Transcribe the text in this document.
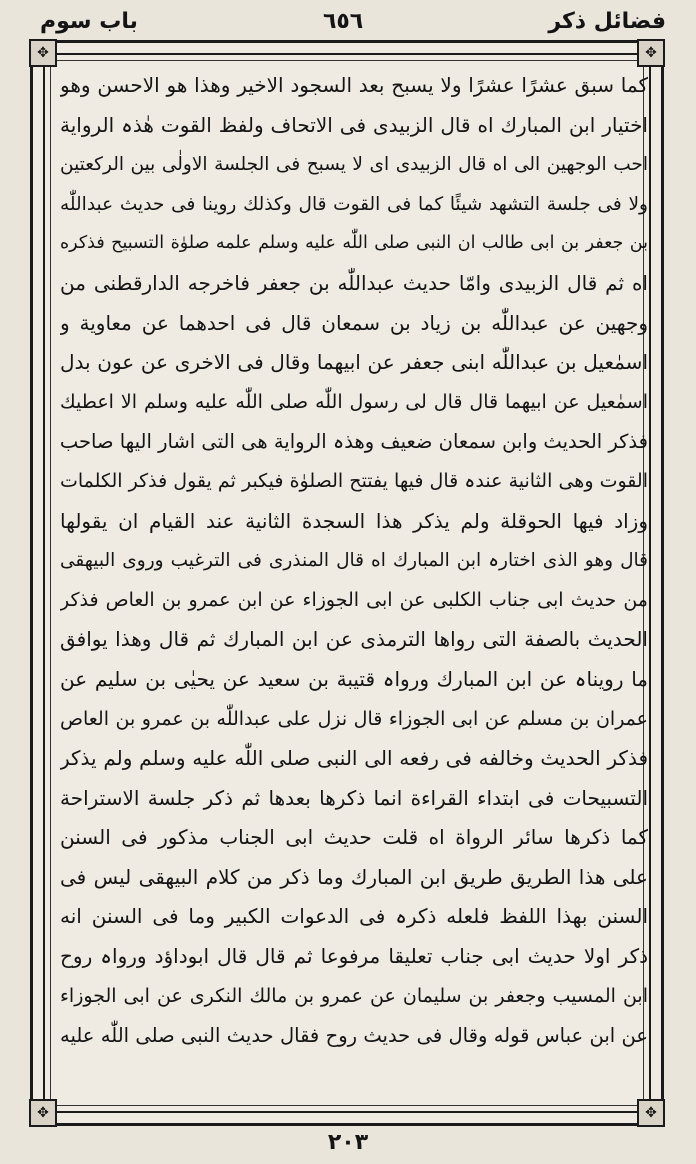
باب سوم	٦٥٦	فضائل ذکر
✥	✥
✥	✥
کما سبق عشرًا عشرًا ولا یسبح بعد السجود الاخیر وهذا هو الاحسن وهو
اختیار ابن المبارك اه قال الزبیدی فی الاتحاف ولفظ القوت هٰذہ الروایة
احب الوجهین الی اه قال الزبیدی ای لا یسبح فی الجلسة الاولٰی بین الرکعتین
ولا فی جلسة التشهد شیئًا کما فی القوت قال وکذلك روینا فی حدیث عبداللّٰه
بن جعفر بن ابی طالب ان النبی صلی اللّٰه علیه وسلم علمه صلوٰة التسبیح فذکره
اه ثم قال الزبیدی وامّا حدیث عبداللّٰه بن جعفر فاخرجه الدارقطنی من
وجهین عن عبداللّٰه بن زیاد بن سمعان قال فی احدهما عن معاویة و
اسمٰعیل بن عبداللّٰه ابنی جعفر عن ابیهما وقال فی الاخری عن عون بدل
اسمٰعیل عن ابیهما قال قال لی رسول اللّٰه صلی اللّٰه علیه وسلم الا اعطیك
فذکر الحدیث وابن سمعان ضعیف وهذہ الروایة هی التی اشار الیها صاحب
القوت وهی الثانیة عندہ قال فیها یفتتح الصلوٰة فیکبر ثم یقول فذکر الکلمات
وزاد فیها الحوقلة ولم یذکر هذا السجدة الثانیة عند القیام ان یقولها
قال وهو الذی اختارہ ابن المبارك اه قال المنذری فی الترغیب وروی البیهقی
من حدیث ابی جناب الکلبی عن ابی الجوزاء عن ابن عمرو بن العاص فذکر
الحدیث بالصفة التی رواها الترمذی عن ابن المبارك ثم قال وهذا یوافق
ما رویناہ عن ابن المبارك ورواہ قتیبة بن سعید عن یحیٰی بن سلیم عن
عمران بن مسلم عن ابی الجوزاء قال نزل علی عبداللّٰه بن عمرو بن العاص
فذکر الحدیث وخالفه فی رفعه الی النبی صلی اللّٰه علیه وسلم ولم یذکر
التسبیحات فی ابتداء القراءة انما ذکرها بعدها ثم ذکر جلسة الاستراحة
کما ذکرها سائر الرواة اه قلت حدیث ابی الجناب مذکور فی السنن
علی هذا الطریق طریق ابن المبارك وما ذکر من کلام البیهقی لیس فی
السنن بهذا اللفظ فلعله ذکرہ فی الدعوات الکبیر وما فی السنن انه
ذکر اولا حدیث ابی جناب تعلیقا مرفوعا ثم قال قال ابوداؤد ورواہ روح
ابن المسیب وجعفر بن سلیمان عن عمرو بن مالك النکری عن ابی الجوزاء
عن ابن عباس قوله وقال فی حدیث روح فقال حدیث النبی صلی اللّٰه علیه
۲۰۳
